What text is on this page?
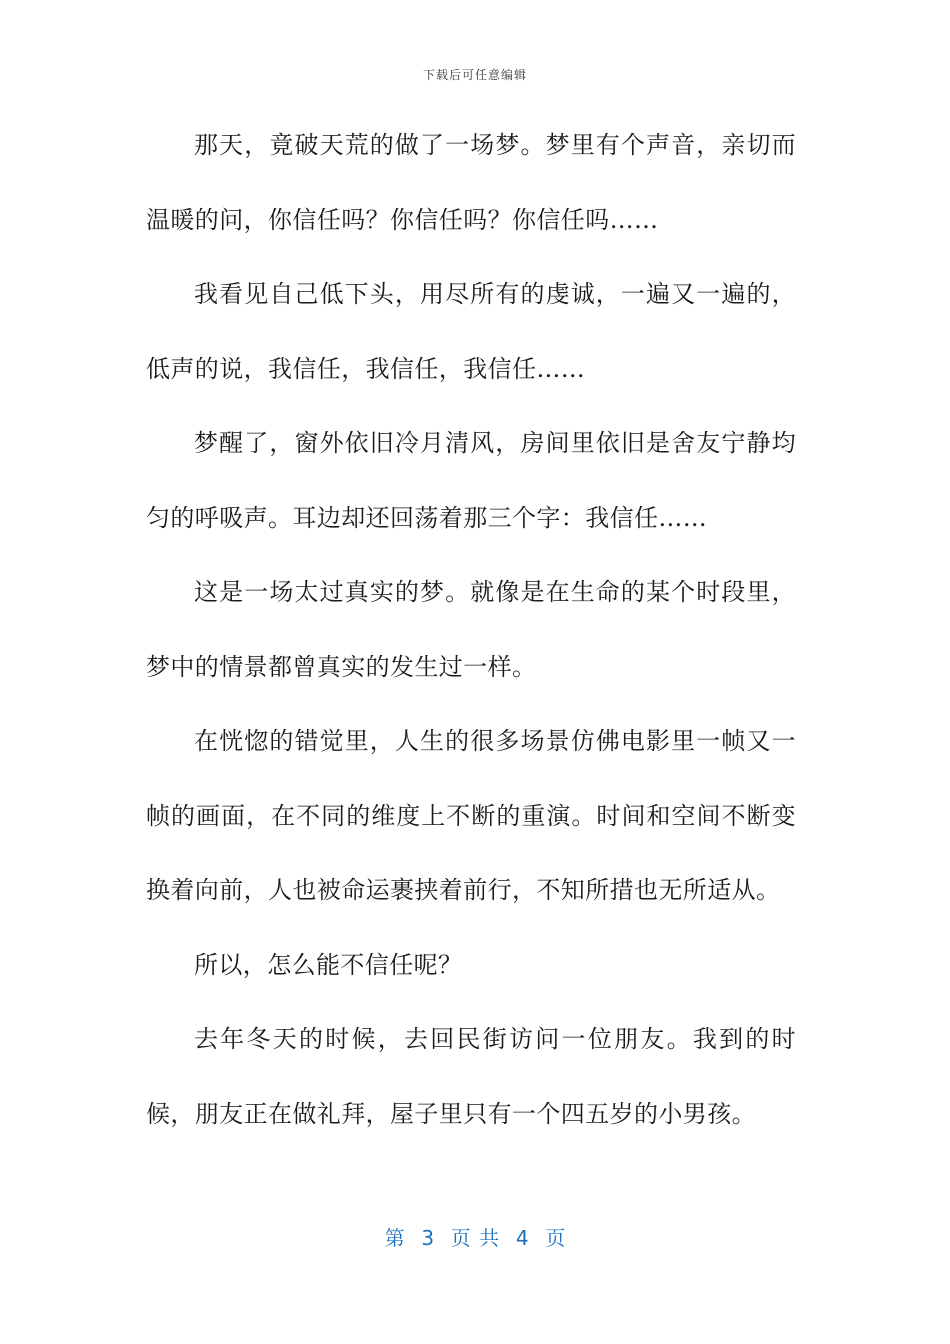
下载后可任意编辑

那天，竟破天荒的做了一场梦。梦里有个声音，亲切而温暖的问，你信任吗？你信任吗？你信任吗……

我看见自己低下头，用尽所有的虔诚，一遍又一遍的，低声的说，我信任，我信任，我信任……

梦醒了，窗外依旧冷月清风，房间里依旧是舍友宁静均匀的呼吸声。耳边却还回荡着那三个字：我信任……

这是一场太过真实的梦。就像是在生命的某个时段里，梦中的情景都曾真实的发生过一样。

在恍惚的错觉里，人生的很多场景仿佛电影里一帧又一帧的画面，在不同的维度上不断的重演。时间和空间不断变换着向前，人也被命运裹挟着前行，不知所措也无所适从。

所以，怎么能不信任呢？

去年冬天的时候，去回民街访问一位朋友。我到的时候，朋友正在做礼拜，屋子里只有一个四五岁的小男孩。

第  3  页 共  4  页
